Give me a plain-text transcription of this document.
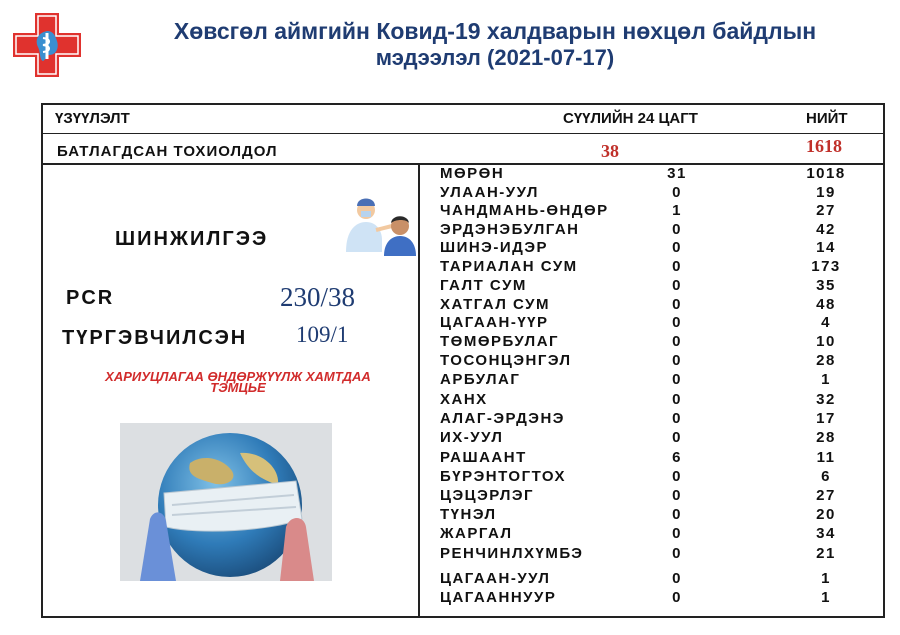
Хөвсгөл аймгийн Ковид-19 халдварын нөхцөл байдлын
мэдээлэл (2021-07-17)
ҮЗҮҮЛЭЛТ	СҮҮЛИЙН 24 ЦАГТ	НИЙТ
БАТЛАГДСАН ТОХИОЛДОЛ	38	1618
ШИНЖИЛГЭЭ
PCR	230/38
ТҮРГЭВЧИЛСЭН 109/1
ХАРИУЦЛАГАА ӨНДӨРЖҮҮЛЖ ХАМТДАА
ТЭМЦЬЕ
МӨРӨН	31	1018
УЛААН-УУЛ	0	19
ЧАНДМАНЬ-ӨНДӨР	1	27
ЭРДЭНЭБУЛГАН	0	42
ШИНЭ-ИДЭР	0	14
ТАРИАЛАН СУМ	0	173
ГАЛТ СУМ	0	35
ХАТГАЛ СУМ	0	48
ЦАГААН-ҮҮР	0	4
ТӨМӨРБУЛАГ	0	10
ТОСОНЦЭНГЭЛ	0	28
АРБУЛАГ	0	1
ХАНХ	0	32
АЛАГ-ЭРДЭНЭ	0	17
ИХ-УУЛ	0	28
РАШААНТ	6	11
БҮРЭНТОГТОХ	0	6
ЦЭЦЭРЛЭГ	0	27
ТҮНЭЛ	0	20
ЖАРГАЛ	0	34
РЕНЧИНЛХҮМБЭ	0	21
ЦАГААН-УУЛ	0	1
ЦАГААННУУР	0	1
